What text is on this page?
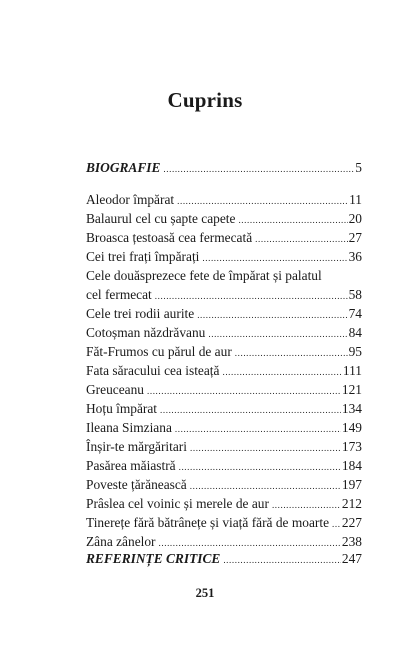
Cuprins
BIOGRAFIE .....	5
Aleodor împărat .....	11
Balaurul cel cu șapte capete .....	20
Broasca țestoasă cea fermecată .....	27
Cei trei frați împărați .....	36
Cele douăsprezece fete de împărat și palatul
cel fermecat .....	58
Cele trei rodii aurite .....	74
Cotoșman năzdrăvanu .....	84
Făt-Frumos cu părul de aur .....	95
Fata săracului cea isteață .....	111
Greuceanu .....	121
Hoțu împărat .....	134
Ileana Simziana .....	149
Înșir-te mărgăritari .....	173
Pasărea măiastră .....	184
Poveste țărănească .....	197
Prâslea cel voinic și merele de aur .....	212
Tinerețe fără bătrânețe și viață fără de moarte ..... 227
Zâna zânelor .....	238
REFERINȚE CRITICE .....	247
251
